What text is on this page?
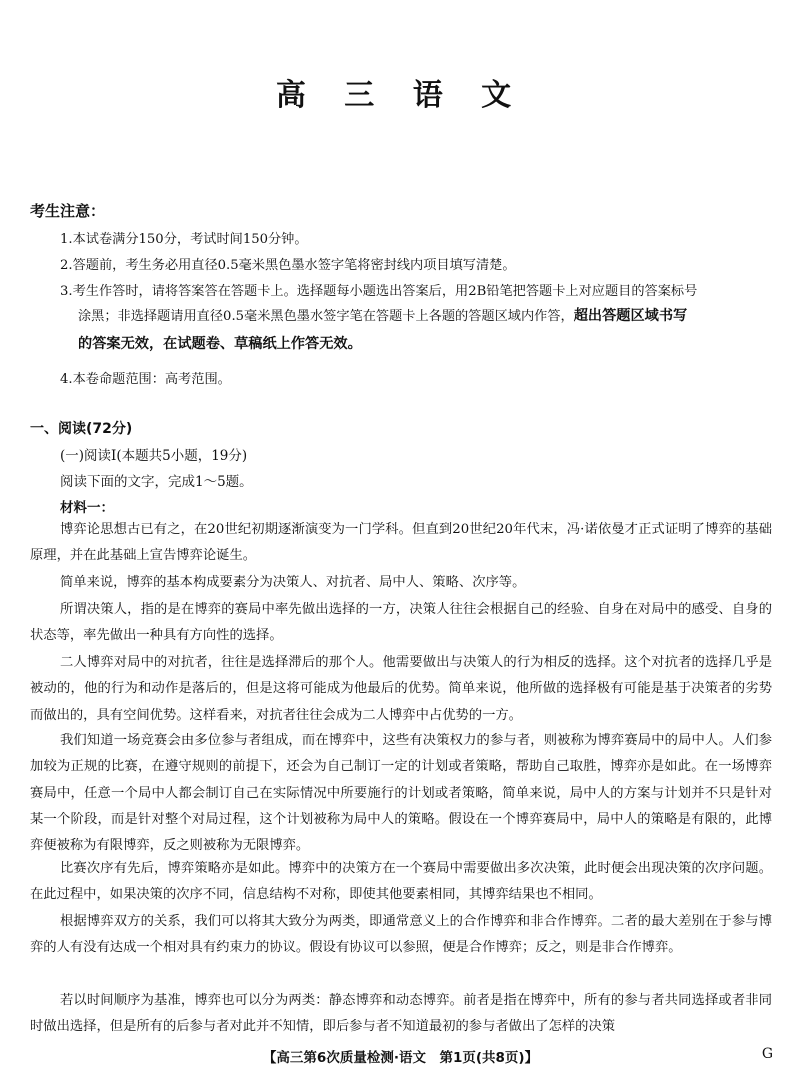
高 三 语 文
考生注意：
1.本试卷满分150分，考试时间150分钟。
2.答题前，考生务必用直径0.5毫米黑色墨水签字笔将密封线内项目填写清楚。
3.考生作答时，请将答案答在答题卡上。选择题每小题选出答案后，用2B铅笔把答题卡上对应题目的答案标号
涂黑；非选择题请用直径0.5毫米黑色墨水签字笔在答题卡上各题的答题区域内作答，超出答题区域书写
的答案无效，在试题卷、草稿纸上作答无效。
4.本卷命题范围：高考范围。
一、阅读(72分)
(一)阅读Ⅰ(本题共5小题，19分)
阅读下面的文字，完成1～5题。
材料一：
博弈论思想古已有之，在20世纪初期逐渐演变为一门学科。但直到20世纪20年代末，冯·诺依曼才正式证明了博弈的基础原理，并在此基础上宣告博弈论诞生。
简单来说，博弈的基本构成要素分为决策人、对抗者、局中人、策略、次序等。
所谓决策人，指的是在博弈的赛局中率先做出选择的一方，决策人往往会根据自己的经验、自身在对局中的感受、自身的状态等，率先做出一种具有方向性的选择。
二人博弈对局中的对抗者，往往是选择滞后的那个人。他需要做出与决策人的行为相反的选择。这个对抗者的选择几乎是被动的，他的行为和动作是落后的，但是这将可能成为他最后的优势。简单来说，他所做的选择极有可能是基于决策者的劣势而做出的，具有空间优势。这样看来，对抗者往往会成为二人博弈中占优势的一方。
我们知道一场竞赛会由多位参与者组成，而在博弈中，这些有决策权力的参与者，则被称为博弈赛局中的局中人。人们参加较为正规的比赛，在遵守规则的前提下，还会为自己制订一定的计划或者策略，帮助自己取胜，博弈亦是如此。在一场博弈赛局中，任意一个局中人都会制订自己在实际情况中所要施行的计划或者策略，简单来说，局中人的方案与计划并不只是针对某一个阶段，而是针对整个对局过程，这个计划被称为局中人的策略。假设在一个博弈赛局中，局中人的策略是有限的，此博弈便被称为有限博弈，反之则被称为无限博弈。
比赛次序有先后，博弈策略亦是如此。博弈中的决策方在一个赛局中需要做出多次决策，此时便会出现决策的次序问题。在此过程中，如果决策的次序不同，信息结构不对称，即使其他要素相同，其博弈结果也不相同。
根据博弈双方的关系，我们可以将其大致分为两类，即通常意义上的合作博弈和非合作博弈。二者的最大差别在于参与博弈的人有没有达成一个相对具有约束力的协议。假设有协议可以参照，便是合作博弈；反之，则是非合作博弈。
若以时间顺序为基准，博弈也可以分为两类：静态博弈和动态博弈。前者是指在博弈中，所有的参与者共同选择或者非同时做出选择，但是所有的后参与者对此并不知情，即后参与者不知道最初的参与者做出了怎样的决策
【高三第6次质量检测·语文　第1页(共8页)】	G
